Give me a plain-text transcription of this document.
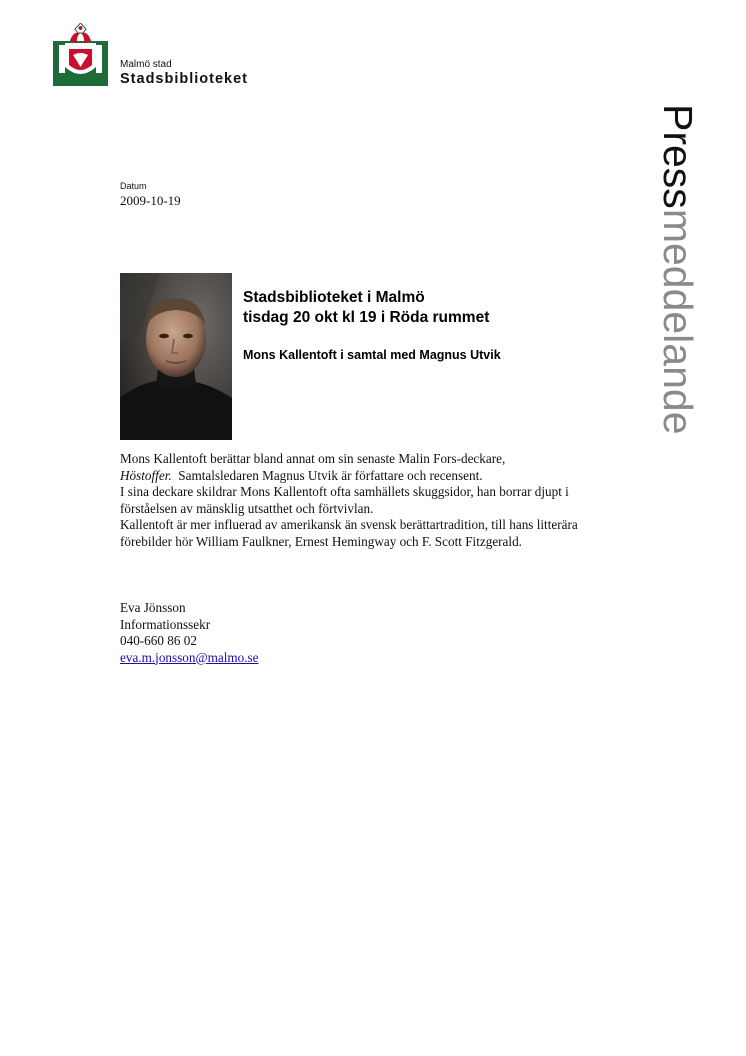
Malmö stad
Stadsbiblioteket
Pressmeddelande
Datum
2009-10-19
Stadsbiblioteket i Malmö
tisdag 20 okt kl 19 i Röda rummet
Mons Kallentoft i samtal med Magnus Utvik

Mons Kallentoft berättar bland annat om sin senaste Malin Fors-deckare,
Höstoffer.  Samtalsledaren Magnus Utvik är författare och recensent.

I sina deckare skildrar Mons Kallentoft ofta samhällets skuggsidor, han borrar djupt i förståelsen av mänsklig utsatthet och förtvivlan.

Kallentoft är mer influerad av amerikansk än svensk berättartradition, till hans litterära förebilder hör William Faulkner, Ernest Hemingway och F. Scott Fitzgerald.

Eva Jönsson
Informationssekr
040-660 86 02
eva.m.jonsson@malmo.se
